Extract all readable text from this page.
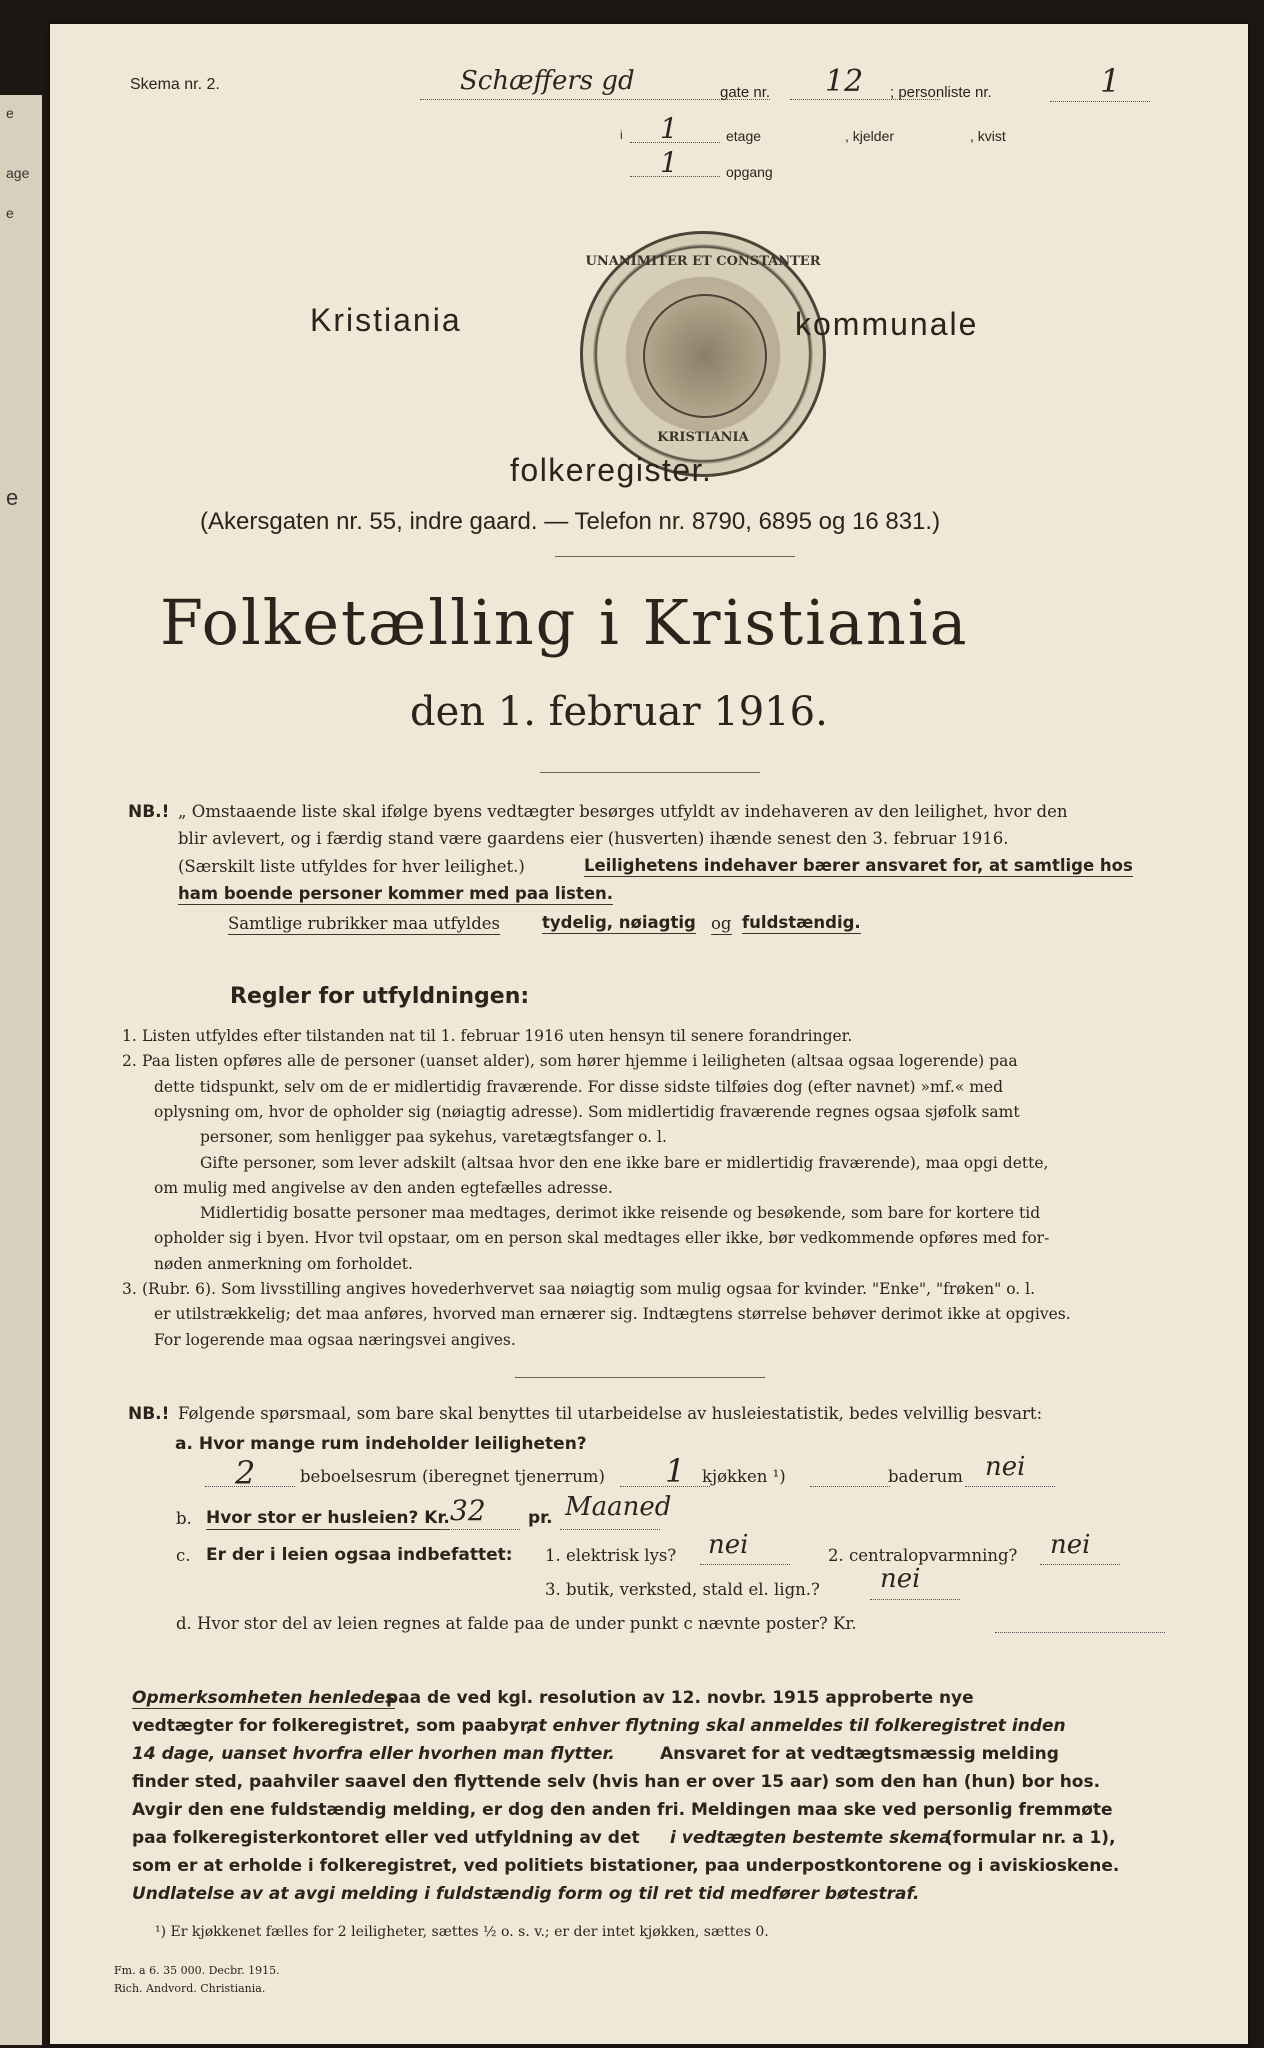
e
age
e
e
Skema nr. 2.	Schæffers gd	gate nr. 12 ; personliste nr.	1
i 1	etage	, kjelder	, kvist
1	opgang
UNANIMITER ET CONSTANTER
KRISTIANIA
Kristiania	kommunale
folkeregister.
(Akersgaten nr. 55, indre gaard. — Telefon nr. 8790, 6895 og 16 831.)
Folketælling i Kristiania
den 1. februar 1916.
NB.! „ Omstaaende liste skal ifølge byens vedtægter besørges utfyldt av indehaveren av den leilighet, hvor den
blir avlevert, og i færdig stand være gaardens eier (husverten) ihænde senest den 3. februar 1916.
(Særskilt liste utfyldes for hver leilighet.)	Leilighetens indehaver bærer ansvaret for, at samtlige hos
ham boende personer kommer med paa listen.
Samtlige rubrikker maa utfyldes	tydelig, nøiagtig og fuldstændig.
Regler for utfyldningen:
1. Listen utfyldes efter tilstanden nat til 1. februar 1916 uten hensyn til senere forandringer.
2. Paa listen opføres alle de personer (uanset alder), som hører hjemme i leiligheten (altsaa ogsaa logerende) paa
dette tidspunkt, selv om de er midlertidig fraværende. For disse sidste tilføies dog (efter navnet) »mf.« med
oplysning om, hvor de opholder sig (nøiagtig adresse). Som midlertidig fraværende regnes ogsaa sjøfolk samt
personer, som henligger paa sykehus, varetægtsfanger o. l.
Gifte personer, som lever adskilt (altsaa hvor den ene ikke bare er midlertidig fraværende), maa opgi dette,
om mulig med angivelse av den anden egtefælles adresse.
Midlertidig bosatte personer maa medtages, derimot ikke reisende og besøkende, som bare for kortere tid
opholder sig i byen. Hvor tvil opstaar, om en person skal medtages eller ikke, bør vedkommende opføres med for-
nøden anmerkning om forholdet.
3. (Rubr. 6). Som livsstilling angives hovederhvervet saa nøiagtig som mulig ogsaa for kvinder. "Enke", "frøken" o. l.
er utilstrækkelig; det maa anføres, hvorved man ernærer sig. Indtægtens størrelse behøver derimot ikke at opgives.
For logerende maa ogsaa næringsvei angives.
NB.! Følgende spørsmaal, som bare skal benyttes til utarbeidelse av husleiestatistik, bedes velvillig besvart:
a. Hvor mange rum indeholder leiligheten?
2	beboelsesrum (iberegnet tjenerrum) 1 kjøkken ¹)	baderum nei
b. Hvor stor er husleien? Kr. 32 pr. Maaned
c. Er der i leien ogsaa indbefattet: 1. elektrisk lys? nei	2. centralopvarmning? nei
3. butik, verksted, stald el. lign.? nei
d. Hvor stor del av leien regnes at falde paa de under punkt c nævnte poster? Kr.
Opmerksomheten henledes
paa de ved kgl. resolution av 12. novbr. 1915 approberte nye
vedtægter for folkeregistret, som paabyr,
at enhver flytning skal anmeldes til folkeregistret inden
14 dage, uanset hvorfra eller hvorhen man flytter.	Ansvaret for at vedtægtsmæssig melding
finder sted, paahviler saavel den flyttende selv (hvis han er over 15 aar) som den han (hun) bor hos.
Avgir den ene fuldstændig melding, er dog den anden fri. Meldingen maa ske ved personlig fremmøte
paa folkeregisterkontoret eller ved utfyldning av det i vedtægten bestemte skema
(formular nr. a 1),
som er at erholde i folkeregistret, ved politiets bistationer, paa underpostkontorene og i aviskioskene.
Undlatelse av at avgi melding i fuldstændig form og til ret tid medfører bøtestraf.
¹) Er kjøkkenet fælles for 2 leiligheter, sættes ½ o. s. v.; er der intet kjøkken, sættes 0.
Fm. a 6. 35 000. Decbr. 1915.
Rich. Andvord. Christiania.
